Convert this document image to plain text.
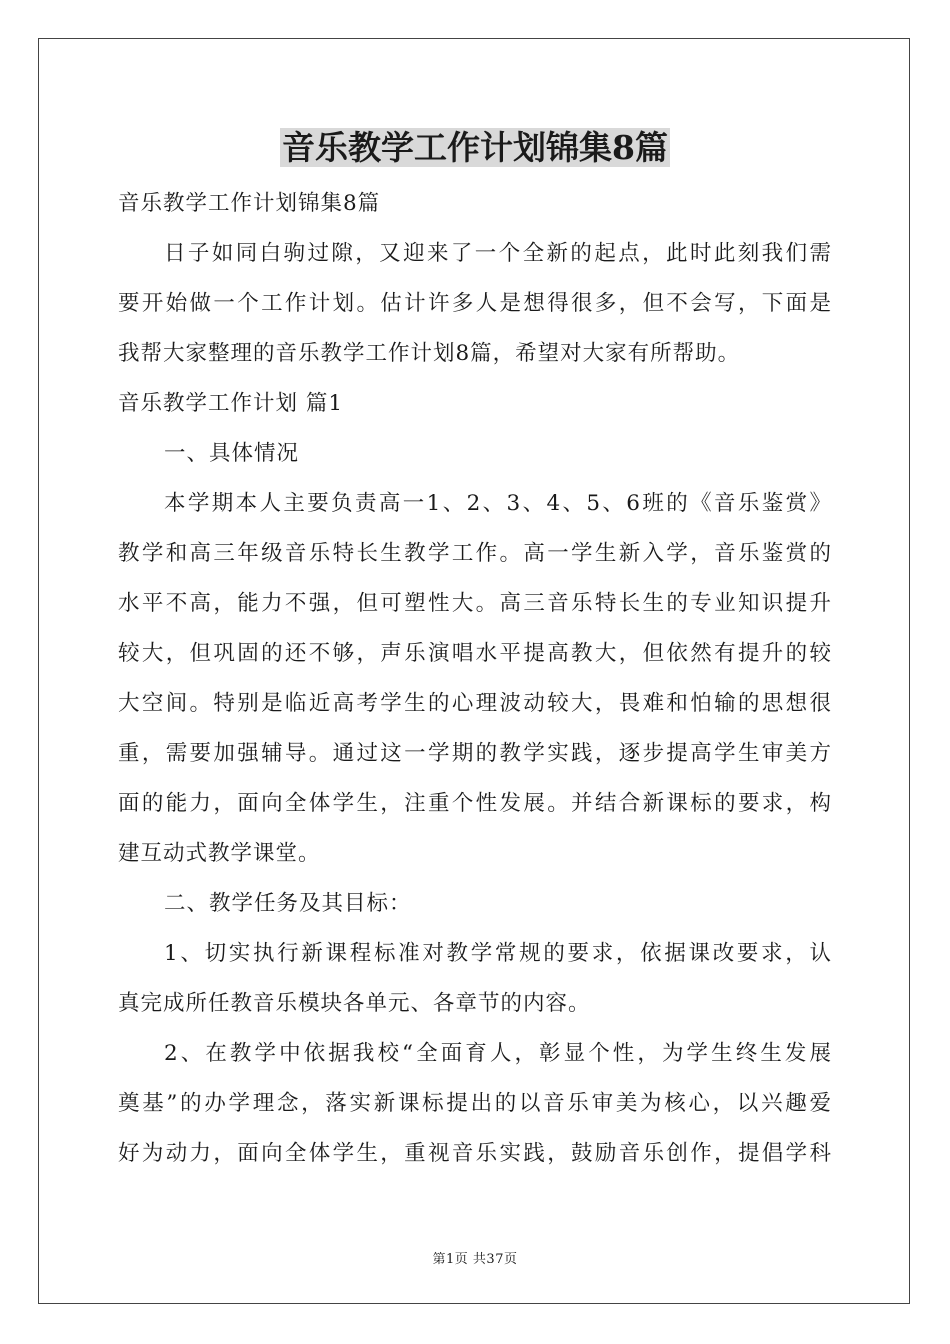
音乐教学工作计划锦集8篇
音乐教学工作计划锦集8篇
日子如同白驹过隙，又迎来了一个全新的起点，此时此刻我们需
要开始做一个工作计划。估计许多人是想得很多，但不会写，下面是
我帮大家整理的音乐教学工作计划8篇，希望对大家有所帮助。
音乐教学工作计划 篇1
一、具体情况
本学期本人主要负责高一1、2、3、4、5、6班的《音乐鉴赏》
教学和高三年级音乐特长生教学工作。高一学生新入学，音乐鉴赏的
水平不高，能力不强，但可塑性大。高三音乐特长生的专业知识提升
较大，但巩固的还不够，声乐演唱水平提高教大，但依然有提升的较
大空间。特别是临近高考学生的心理波动较大，畏难和怕输的思想很
重，需要加强辅导。通过这一学期的教学实践，逐步提高学生审美方
面的能力，面向全体学生，注重个性发展。并结合新课标的要求，构
建互动式教学课堂。
二、教学任务及其目标：
1、切实执行新课程标准对教学常规的要求，依据课改要求，认
真完成所任教音乐模块各单元、各章节的内容。
2、在教学中依据我校“全面育人，彰显个性，为学生终生发展
奠基”的办学理念，落实新课标提出的以音乐审美为核心，以兴趣爱
好为动力，面向全体学生，重视音乐实践，鼓励音乐创作，提倡学科
第1页 共37页
